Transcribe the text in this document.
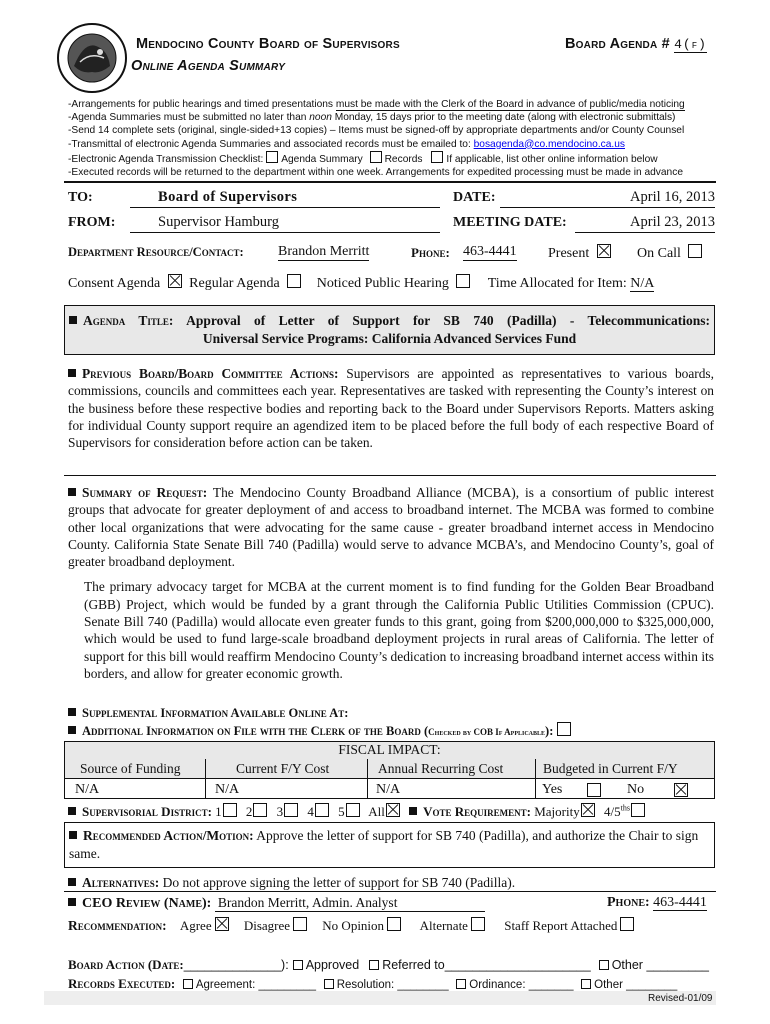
Mendocino County Board of Supervisors
Online Agenda Summary
Board Agenda # 4(f)
-Arrangements for public hearings and timed presentations must be made with the Clerk of the Board in advance of public/media noticing
-Agenda Summaries must be submitted no later than noon Monday, 15 days prior to the meeting date (along with electronic submittals)
-Send 14 complete sets (original, single-sided+13 copies) – Items must be signed-off by appropriate departments and/or County Counsel
-Transmittal of electronic Agenda Summaries and associated records must be emailed to: bosagenda@co.mendocino.ca.us
-Electronic Agenda Transmission Checklist: Agenda Summary Records If applicable, list other online information below
-Executed records will be returned to the department within one week. Arrangements for expedited processing must be made in advance
TO:	Board of Supervisors	DATE:	April 16, 2013
FROM:	Supervisor Hamburg	MEETING DATE:	April 23, 2013
Department Resource/Contact: Brandon Merritt	Phone: 463-4441 Present	On Call
Consent Agenda Regular Agenda	Noticed Public Hearing	Time Allocated for Item: N/A
Agenda Title: Approval of Letter of Support for SB 740 (Padilla) - Telecommunications:
Universal Service Programs: California Advanced Services Fund
Previous Board/Board Committee Actions: Supervisors are appointed as representatives to various boards, commissions, councils and committees each year. Representatives are tasked with representing the County’s interest on the business before these respective bodies and reporting back to the Board under Supervisors Reports. Matters asking for individual County support require an agendized item to be placed before the full body of each respective Board of Supervisors for consideration before action can be taken.
Summary of Request: The Mendocino County Broadband Alliance (MCBA), is a consortium of public interest groups that advocate for greater deployment of and access to broadband internet. The MCBA was formed to combine other local organizations that were advocating for the same cause - greater broadband internet access in Mendocino County. California State Senate Bill 740 (Padilla) would serve to advance MCBA’s, and Mendocino County’s, goal of greater broadband deployment.
The primary advocacy target for MCBA at the current moment is to find funding for the Golden Bear Broadband (GBB) Project, which would be funded by a grant through the California Public Utilities Commission (CPUC). Senate Bill 740 (Padilla) would allocate even greater funds to this grant, going from $200,000,000 to $325,000,000, which would be used to fund large-scale broadband deployment projects in rural areas of California. The letter of support for this bill would reaffirm Mendocino County’s dedication to increasing broadband internet access within its borders, and allow for greater economic growth.
Supplemental Information Available Online At:
Additional Information on File with the Clerk of the Board (Checked by COB If Applicable):
FISCAL IMPACT:
Source of Funding	Current F/Y Cost	Annual Recurring Cost	Budgeted in Current F/Y
N/A	N/A	N/A	Yes	No

Supervisorial District: 1 2 3 4 5 All	Vote Requirement: Majority $4/5^{ths}$
Recommended Action/Motion: Approve the letter of support for SB 740 (Padilla), and authorize the Chair to sign same.
Alternatives: Do not approve signing the letter of support for SB 740 (Padilla).
CEO Review (Name): Brandon Merritt, Admin. Analyst	Phone: 463-4441
Recommendation: Agree Disagree No Opinion	Alternate	Staff Report Attached
Board Action (Date:______________): Approved Referred to_____________________ Other _________
Records Executed: Agreement: _________ Resolution: ________ Ordinance: _______ Other ________
Revised-01/09
